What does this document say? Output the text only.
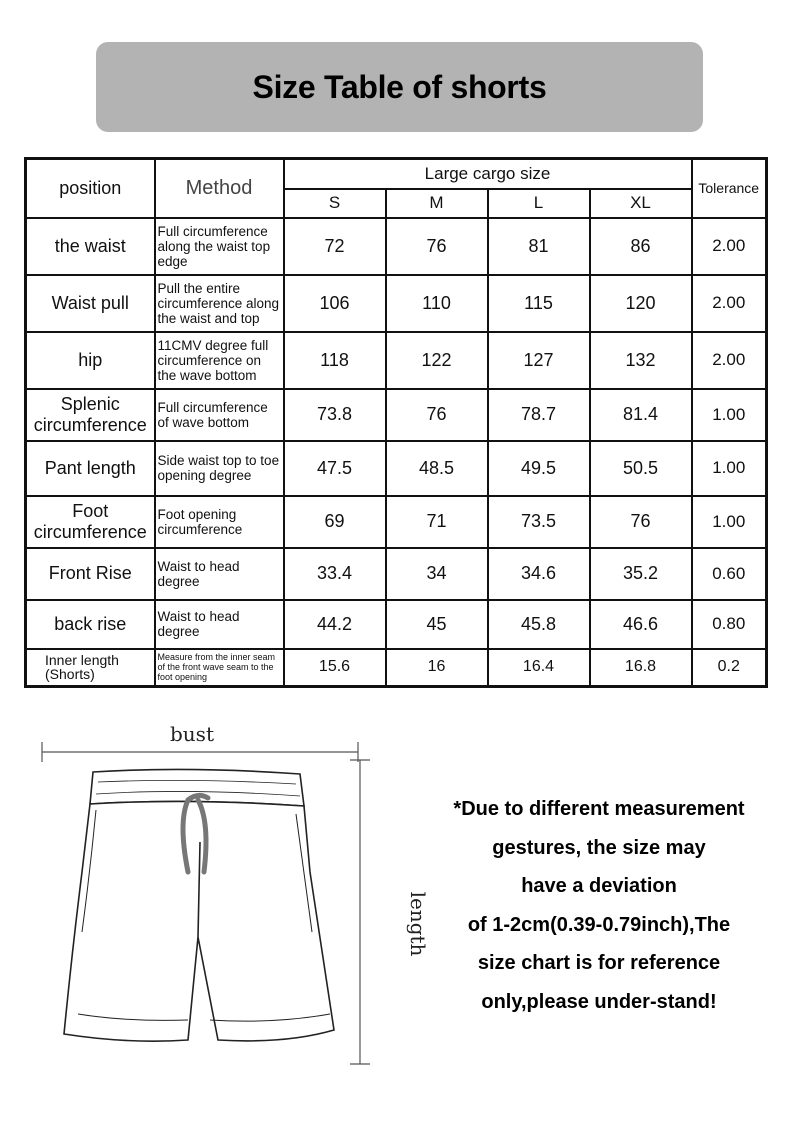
Size Table of shorts
position	Method	Large cargo size				Tolerance
		S	M	L	XL	
the waist	Full circumference along the waist top edge	72	76	81	86	2.00
Waist pull	Pull the entire circumference along the waist and top	106	110	115	120	2.00
hip	11CMV degree full circumference on the wave bottom	118	122	127	132	2.00
Splenic circumference	Full circumference of wave bottom	73.8	76	78.7	81.4	1.00
Pant length	Side waist top to toe opening degree	47.5	48.5	49.5	50.5	1.00
Foot circumference	Foot opening circumference	69	71	73.5	76	1.00
Front Rise	Waist to head degree	33.4	34	34.6	35.2	0.60
back rise	Waist to head degree	44.2	45	45.8	46.6	0.80
Inner length (Shorts)	Measure from the inner seam of the front wave seam to the foot opening	15.6	16	16.4	16.8	0.2
bust
length
*Due to different measurement
gestures, the size may
have a deviation
of 1-2cm(0.39-0.79inch),The
size chart is for reference
only,please under-stand!
